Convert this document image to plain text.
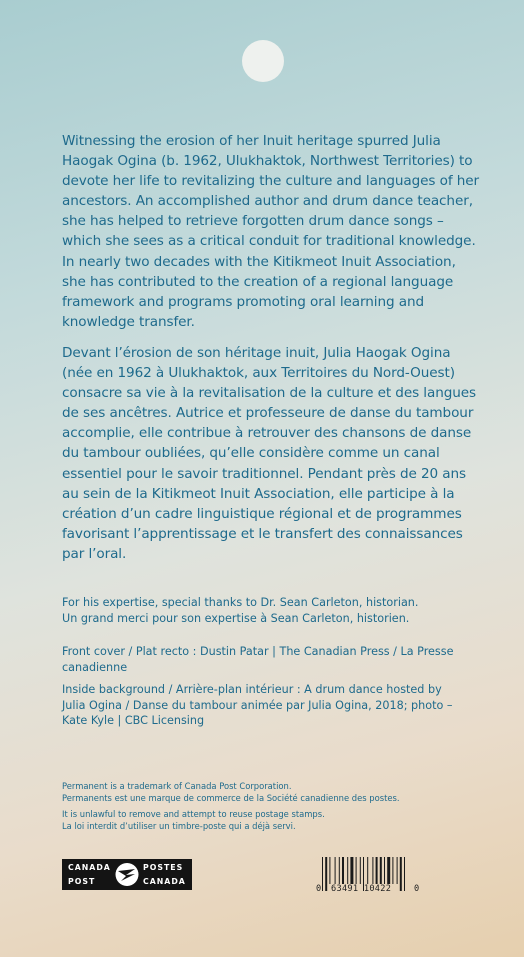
Witnessing the erosion of her Inuit heritage spurred Julia Haogak Ogina (b. 1962, Ulukhaktok, Northwest Territories) to devote her life to revitalizing the culture and languages of her ancestors. An accomplished author and drum dance teacher, she has helped to retrieve forgotten drum dance songs – which she sees as a critical conduit for traditional knowledge. In nearly two decades with the Kitikmeot Inuit Association, she has contributed to the creation of a regional language framework and programs promoting oral learning and knowledge transfer.

Devant l’érosion de son héritage inuit, Julia Haogak Ogina (née en 1962 à Ulukhaktok, aux Territoires du Nord-Ouest) consacre sa vie à la revitalisation de la culture et des langues de ses ancêtres. Autrice et professeure de danse du tambour accomplie, elle contribue à retrouver des chansons de danse du tambour oubliées, qu’elle considère comme un canal essentiel pour le savoir traditionnel. Pendant près de 20 ans au sein de la Kitikmeot Inuit Association, elle participe à la création d’un cadre linguistique régional et de programmes favorisant l’apprentissage et le transfert des connaissances par l’oral.

For his expertise, special thanks to Dr. Sean Carleton, historian.
Un grand merci pour son expertise à Sean Carleton, historien.

Front cover / Plat recto : Dustin Patar | The Canadian Press / La Presse canadienne

Inside background / Arrière-plan intérieur : A drum dance hosted by Julia Ogina / Danse du tambour animée par Julia Ogina, 2018; photo – Kate Kyle | CBC Licensing

Permanent is a trademark of Canada Post Corporation.
Permanents est une marque de commerce de la Société canadienne des postes.
It is unlawful to remove and attempt to reuse postage stamps.
La loi interdit d’utiliser un timbre-poste qui a déjà servi.
CANADA
POST
POSTES
CANADA
0 63491 10422	0
